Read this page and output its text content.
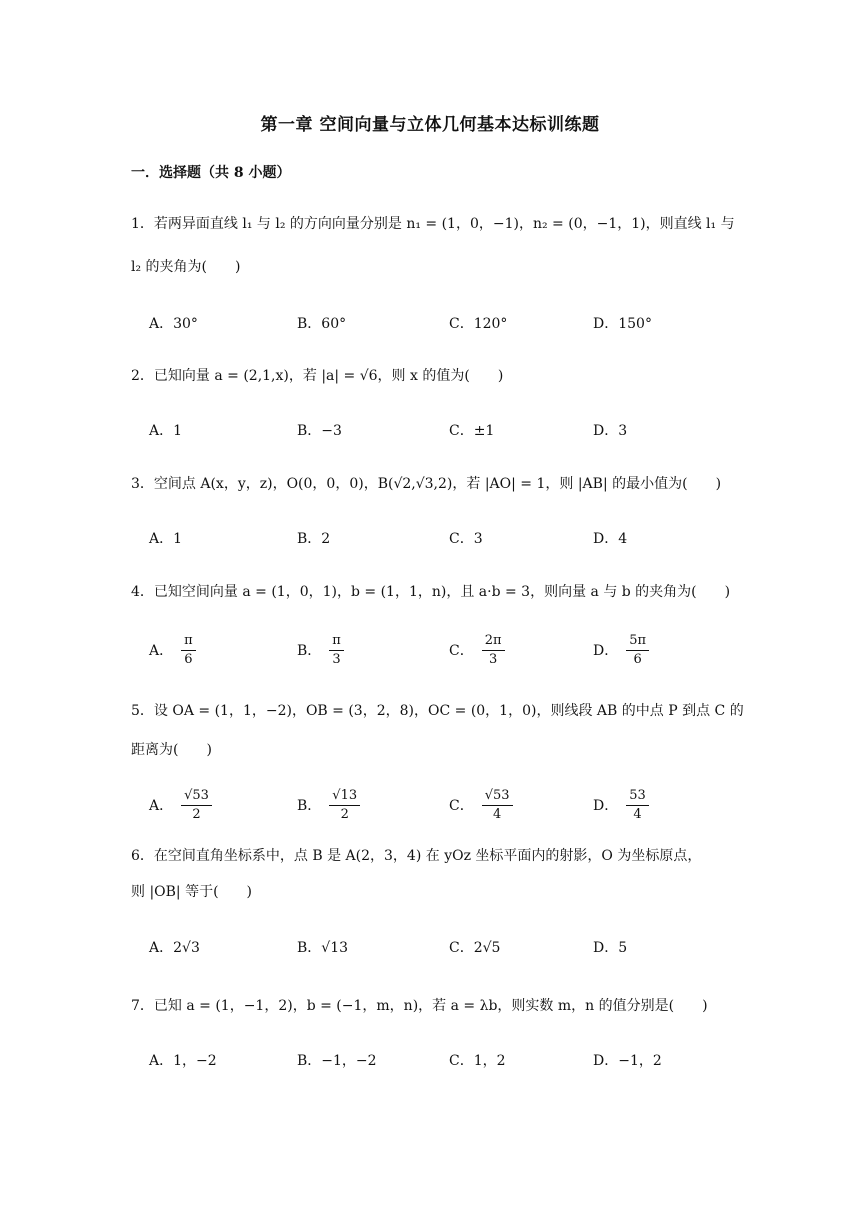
第一章 空间向量与立体几何基本达标训练题
一．选择题（共 8 小题）
1．若两异面直线 l₁ 与 l₂ 的方向向量分别是 n₁ = (1，0，−1)，n₂ = (0，−1，1)，则直线 l₁ 与
l₂ 的夹角为(　　)
A．30°	B．60°	C．120°	D．150°
2．已知向量 a = (2,1,x)，若 |a| = √6，则 x 的值为(　　)
A．1	B．−3	C．±1	D．3
3．空间点 A(x，y，z)，O(0，0，0)，B(√2,√3,2)，若 |AO| = 1，则 |AB| 的最小值为(　　)
A．1	B．2	C．3	D．4
4．已知空间向量 a = (1，0，1)，b = (1，1，n)，且 a·b = 3，则向量 a 与 b 的夹角为(　　)
A． $\frac{\pi}{6}$	B． $\frac{\pi}{3}$	C． $\frac{2\pi}{3}$	D． $\frac{5\pi}{6}$
5．设 OA = (1，1，−2)，OB = (3，2，8)，OC = (0，1，0)，则线段 AB 的中点 P 到点 C 的
距离为(　　)
A． $\frac{√53}{2}$	B． $\frac{√13}{2}$	C． $\frac{√53}{4}$	D． $\frac{53}{4}$
6．在空间直角坐标系中，点 B 是 A(2，3，4) 在 yOz 坐标平面内的射影，O 为坐标原点，
则 |OB| 等于(　　)
A．2√3	B．√13	C．2√5	D．5
7．已知 a = (1，−1，2)，b = (−1，m，n)，若 a = λb，则实数 m，n 的值分别是(　　)
A．1，−2	B．−1，−2	C．1，2	D．−1，2
